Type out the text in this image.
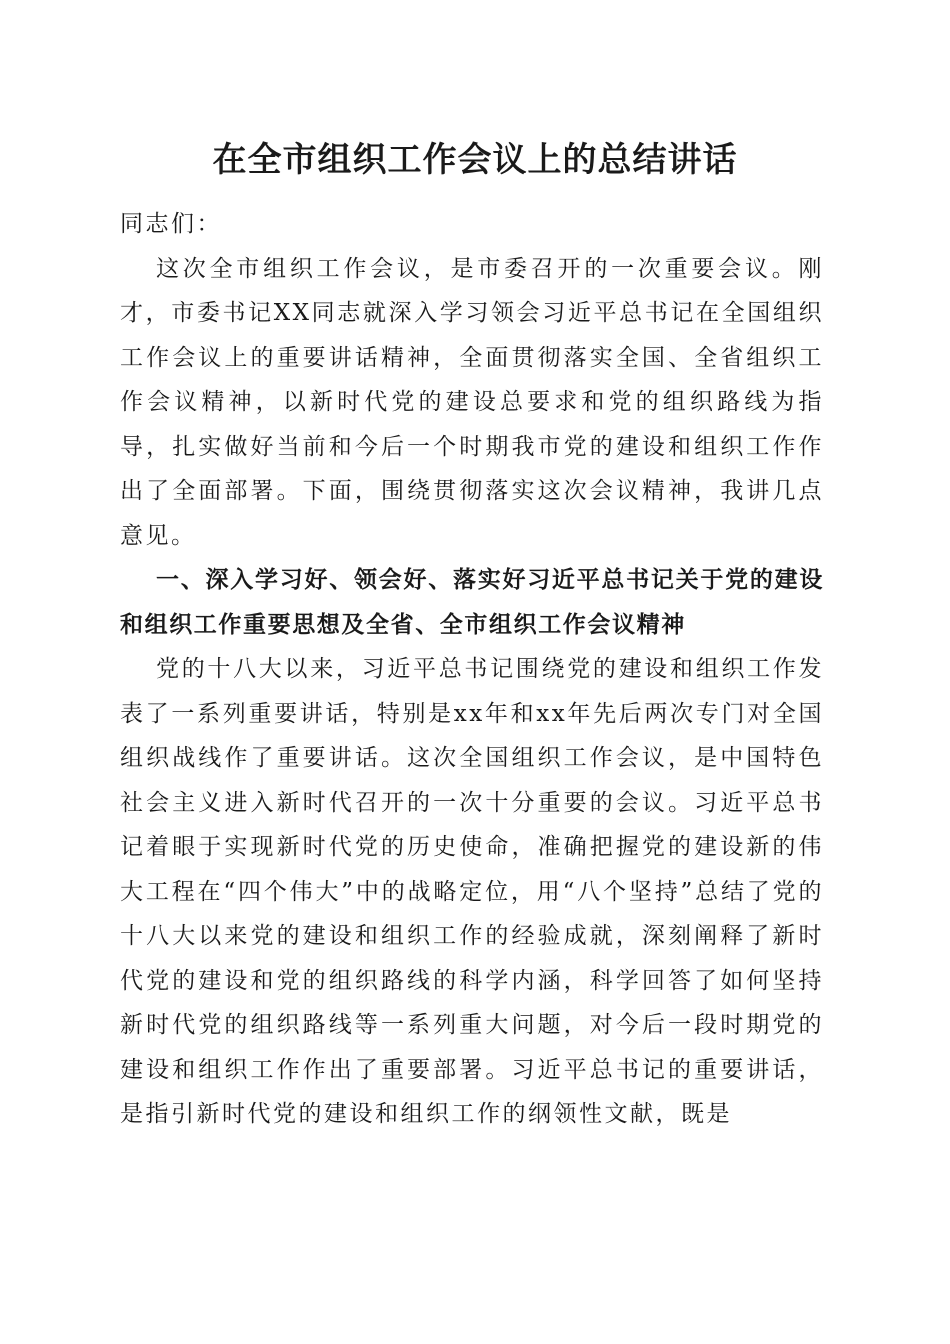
在全市组织工作会议上的总结讲话

同志们：

这次全市组织工作会议，是市委召开的一次重要会议。刚才，市委书记XX同志就深入学习领会习近平总书记在全国组织工作会议上的重要讲话精神，全面贯彻落实全国、全省组织工作会议精神，以新时代党的建设总要求和党的组织路线为指导，扎实做好当前和今后一个时期我市党的建设和组织工作作出了全面部署。下面，围绕贯彻落实这次会议精神，我讲几点意见。

一、深入学习好、领会好、落实好习近平总书记关于党的建设和组织工作重要思想及全省、全市组织工作会议精神

党的十八大以来，习近平总书记围绕党的建设和组织工作发表了一系列重要讲话，特别是xx年和xx年先后两次专门对全国组织战线作了重要讲话。这次全国组织工作会议，是中国特色社会主义进入新时代召开的一次十分重要的会议。习近平总书记着眼于实现新时代党的历史使命，准确把握党的建设新的伟大工程在“四个伟大”中的战略定位，用“八个坚持”总结了党的十八大以来党的建设和组织工作的经验成就，深刻阐释了新时代党的建设和党的组织路线的科学内涵，科学回答了如何坚持新时代党的组织路线等一系列重大问题，对今后一段时期党的建设和组织工作作出了重要部署。习近平总书记的重要讲话，是指引新时代党的建设和组织工作的纲领性文献，既是
